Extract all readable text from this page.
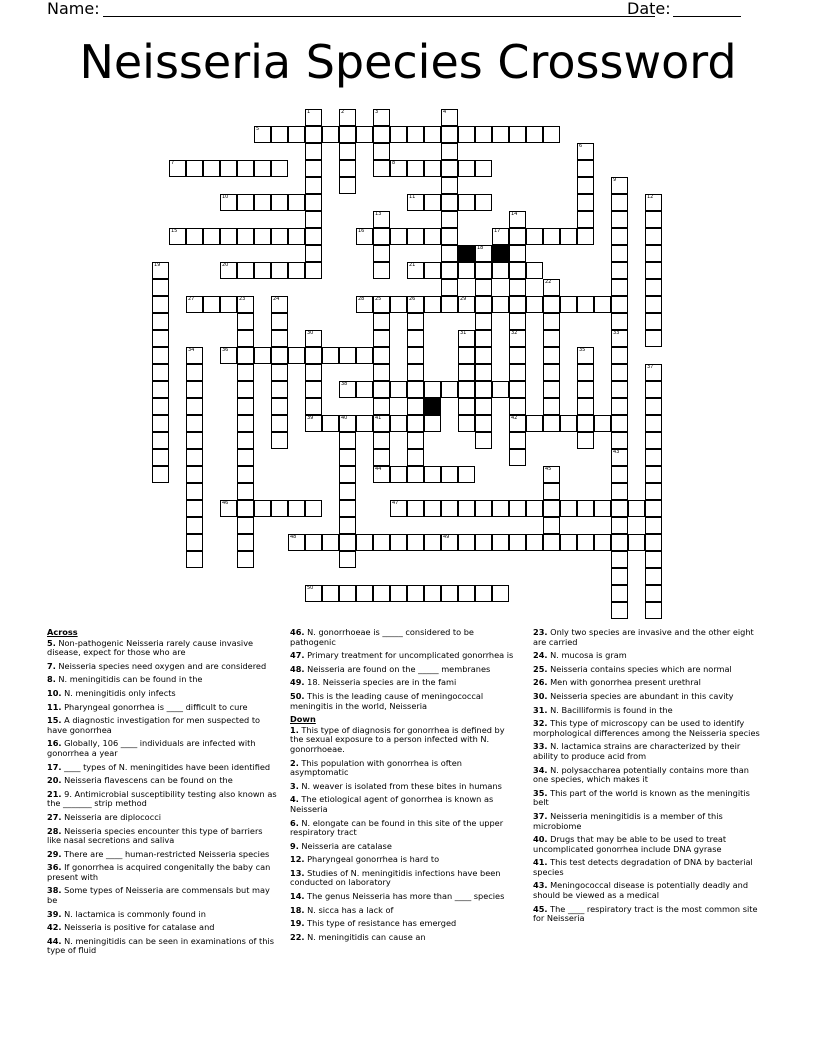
Name:	Date:
Neisseria Species Crossword
5
7	8
10	11
15	16	17
20	21
27	23	28 25	26	29
36
38
39	40	41	42
44
46	47
48	49
50
1	2	3	4
6
9
33
43
12
13	14
32
18
19
22
24
30	31
34	35
37
45
Across
5. Non-pathogenic Neisseria rarely cause invasive disease, expect for those who are
7. Neisseria species need oxygen and are considered
8. N. meningitidis can be found in the
10. N. meningitidis only infects
11. Pharyngeal gonorrhea is ____ difficult to cure
15. A diagnostic investigation for men suspected to have gonorrhea
16. Globally, 106 ____ individuals are infected with gonorrhea a year
17. ____ types of N. meningitides have been identified
20. Neisseria flavescens can be found on the
21. 9. Antimicrobial susceptibility testing also known as the _______ strip method
27. Neisseria are diplococci
28. Neisseria species encounter this type of barriers like nasal secretions and saliva
29. There are ____ human-restricted Neisseria species
36. If gonorrhea is acquired congenitally the baby can present with
38. Some types of Neisseria are commensals but may be
39. N. lactamica is commonly found in
42. Neisseria is positive for catalase and
44. N. meningitidis can be seen in examinations of this type of fluid
46. N. gonorrhoeae is _____ considered to be pathogenic
47. Primary treatment for uncomplicated gonorrhea is
48. Neisseria are found on the _____ membranes
49. 18. Neisseria species are in the fami
50. This is the leading cause of meningococcal meningitis in the world, Neisseria
Down
1. This type of diagnosis for gonorrhea is defined by the sexual exposure to a person infected with N. gonorrhoeae.
2. This population with gonorrhea is often asymptomatic
3. N. weaver is isolated from these bites in humans
4. The etiological agent of gonorrhea is known as Neisseria
6. N. elongate can be found in this site of the upper respiratory tract
9. Neisseria are catalase
12. Pharyngeal gonorrhea is hard to
13. Studies of N. meningitidis infections have been conducted on laboratory
14. The genus Neisseria has more than ____ species
18. N. sicca has a lack of
19. This type of resistance has emerged
22. N. meningitidis can cause an
23. Only two species are invasive and the other eight are carried
24. N. mucosa is gram
25. Neisseria contains species which are normal
26. Men with gonorrhea present urethral
30. Neisseria species are abundant in this cavity
31. N. Bacilliformis is found in the
32. This type of microscopy can be used to identify morphological differences among the Neisseria species
33. N. lactamica strains are characterized by their ability to produce acid from
34. N. polysaccharea potentially contains more than one species, which makes it
35. This part of the world is known as the meningitis belt
37. Neisseria meningitidis is a member of this microbiome
40. Drugs that may be able to be used to treat uncomplicated gonorrhea include DNA gyrase
41. This test detects degradation of DNA by bacterial species
43. Meningococcal disease is potentially deadly and should be viewed as a medical
45. The ____ respiratory tract is the most common site for Neisseria
